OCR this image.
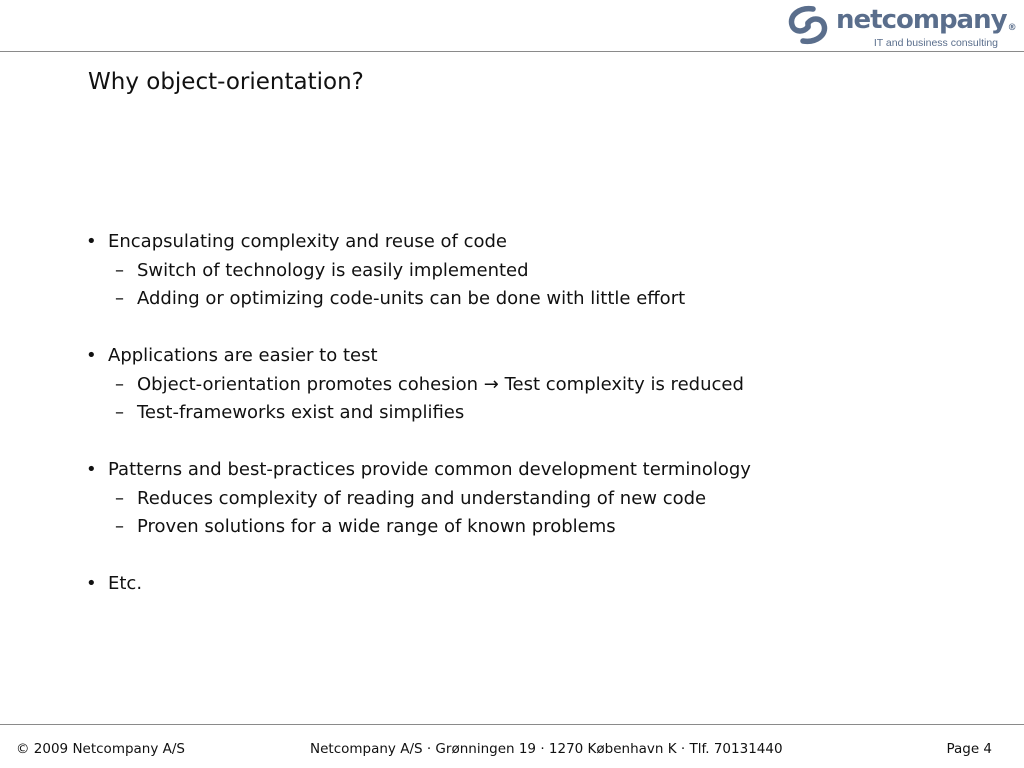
netcompany®
IT and business consulting
Why object-orientation?
• Encapsulating complexity and reuse of code
– Switch of technology is easily implemented
– Adding or optimizing code-units can be done with little effort
• Applications are easier to test
– Object-orientation promotes cohesion → Test complexity is reduced
– Test-frameworks exist and simplifies
• Patterns and best-practices provide common development terminology
– Reduces complexity of reading and understanding of new code
– Proven solutions for a wide range of known problems
• Etc.
© 2009 Netcompany A/S	Netcompany A/S · Grønningen 19 · 1270 København K · Tlf. 70131440	Page 4
